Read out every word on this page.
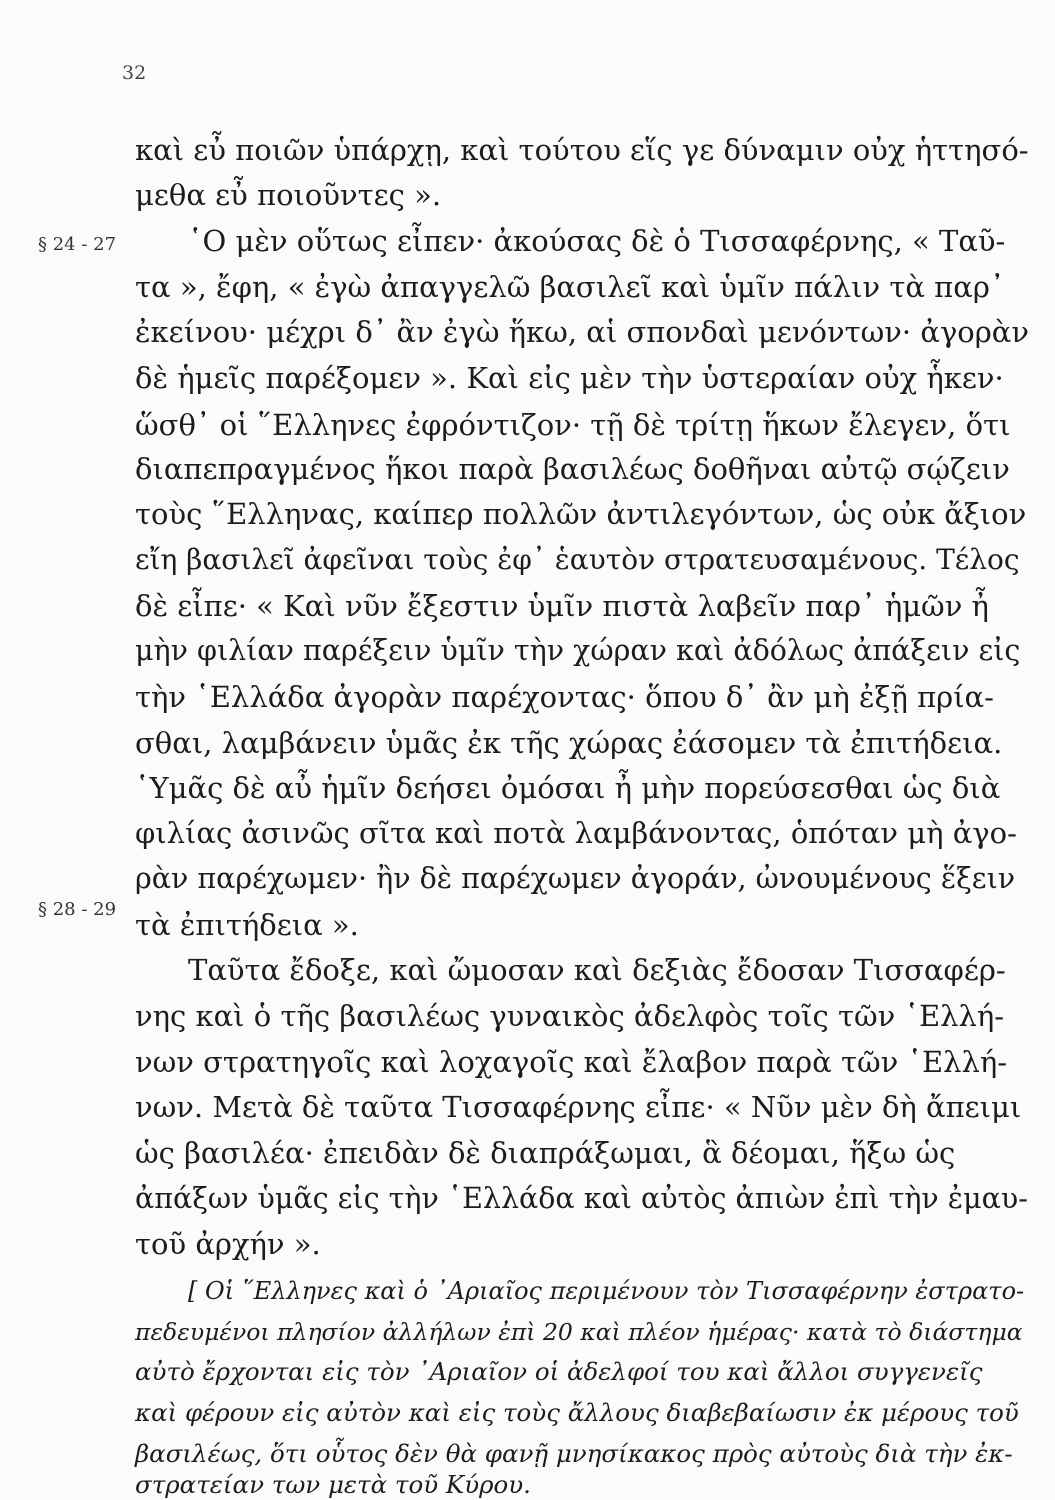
32
§ 24 - 27
§ 28 - 29
καὶ εὖ ποιῶν ὑπάρχῃ, καὶ τούτου εἵς γε δύναμιν οὐχ ἡττησό-
μεθα εὖ ποιοῦντες ».
῾Ο μὲν οὕτως εἶπεν· ἀκούσας δὲ ὁ Τισσαφέρνης, « Ταῦ-
τα », ἔφη, « ἐγὼ ἀπαγγελῶ βασιλεῖ καὶ ὑμῖν πάλιν τὰ παρ᾽
ἐκείνου· μέχρι δ᾽ ἂν ἐγὼ ἥκω, αἱ σπονδαὶ μενόντων· ἀγορὰν
δὲ ἡμεῖς παρέξομεν ». Καὶ εἰς μὲν τὴν ὑστεραίαν οὐχ ἧκεν·
ὥσθ᾽ οἱ ῞Ελληνες ἐφρόντιζον· τῇ δὲ τρίτῃ ἥκων ἔλεγεν, ὅτι
διαπεπραγμένος ἥκοι παρὰ βασιλέως δοθῆναι αὐτῷ σῴζειν
τοὺς ῞Ελληνας, καίπερ πολλῶν ἀντιλεγόντων, ὡς οὐκ ἄξιον
εἴη βασιλεῖ ἀφεῖναι τοὺς ἐφ᾽ ἑαυτὸν στρατευσαμένους. Τέλος
δὲ εἶπε· « Καὶ νῦν ἔξεστιν ὑμῖν πιστὰ λαβεῖν παρ᾽ ἡμῶν ἦ
μὴν φιλίαν παρέξειν ὑμῖν τὴν χώραν καὶ ἀδόλως ἀπάξειν εἰς
τὴν ῾Ελλάδα ἀγορὰν παρέχοντας· ὅπου δ᾽ ἂν μὴ ἐξῇ πρία-
σθαι, λαμβάνειν ὑμᾶς ἐκ τῆς χώρας ἐάσομεν τὰ ἐπιτήδεια.
῾Υμᾶς δὲ αὖ ἡμῖν δεήσει ὀμόσαι ἦ μὴν πορεύσεσθαι ὡς διὰ
φιλίας ἀσινῶς σῖτα καὶ ποτὰ λαμβάνοντας, ὁπόταν μὴ ἀγο-
ρὰν παρέχωμεν· ἢν δὲ παρέχωμεν ἀγοράν, ὠνουμένους ἕξειν
τὰ ἐπιτήδεια ».
Ταῦτα ἔδοξε, καὶ ὤμοσαν καὶ δεξιὰς ἔδοσαν Τισσαφέρ-
νης καὶ ὁ τῆς βασιλέως γυναικὸς ἀδελφὸς τοῖς τῶν ῾Ελλή-
νων στρατηγοῖς καὶ λοχαγοῖς καὶ ἔλαβον παρὰ τῶν ῾Ελλή-
νων. Μετὰ δὲ ταῦτα Τισσαφέρνης εἶπε· « Νῦν μὲν δὴ ἄπειμι
ὡς βασιλέα· ἐπειδὰν δὲ διαπράξωμαι, ἃ δέομαι, ἥξω ὡς
ἀπάξων ὑμᾶς εἰς τὴν ῾Ελλάδα καὶ αὐτὸς ἀπιὼν ἐπὶ τὴν ἐμαυ-
τοῦ ἀρχήν ».
[ Οἱ ῞Ελληνες καὶ ὁ ᾿Αριαῖος περιμένουν τὸν Τισσαφέρνην ἐστρατο-
πεδευμένοι πλησίον ἀλλήλων ἐπὶ 20 καὶ πλέον ἡμέρας· κατὰ τὸ διάστημα
αὐτὸ ἔρχονται εἰς τὸν ᾿Αριαῖον οἱ ἀδελφοί του καὶ ἄλλοι συγγενεῖς
καὶ φέρουν εἰς αὐτὸν καὶ εἰς τοὺς ἄλλους διαβεβαίωσιν ἐκ μέρους τοῦ
βασιλέως, ὅτι οὗτος δὲν θὰ φανῇ μνησίκακος πρὸς αὐτοὺς διὰ τὴν ἐκ-
στρατείαν των μετὰ τοῦ Κύρου.
